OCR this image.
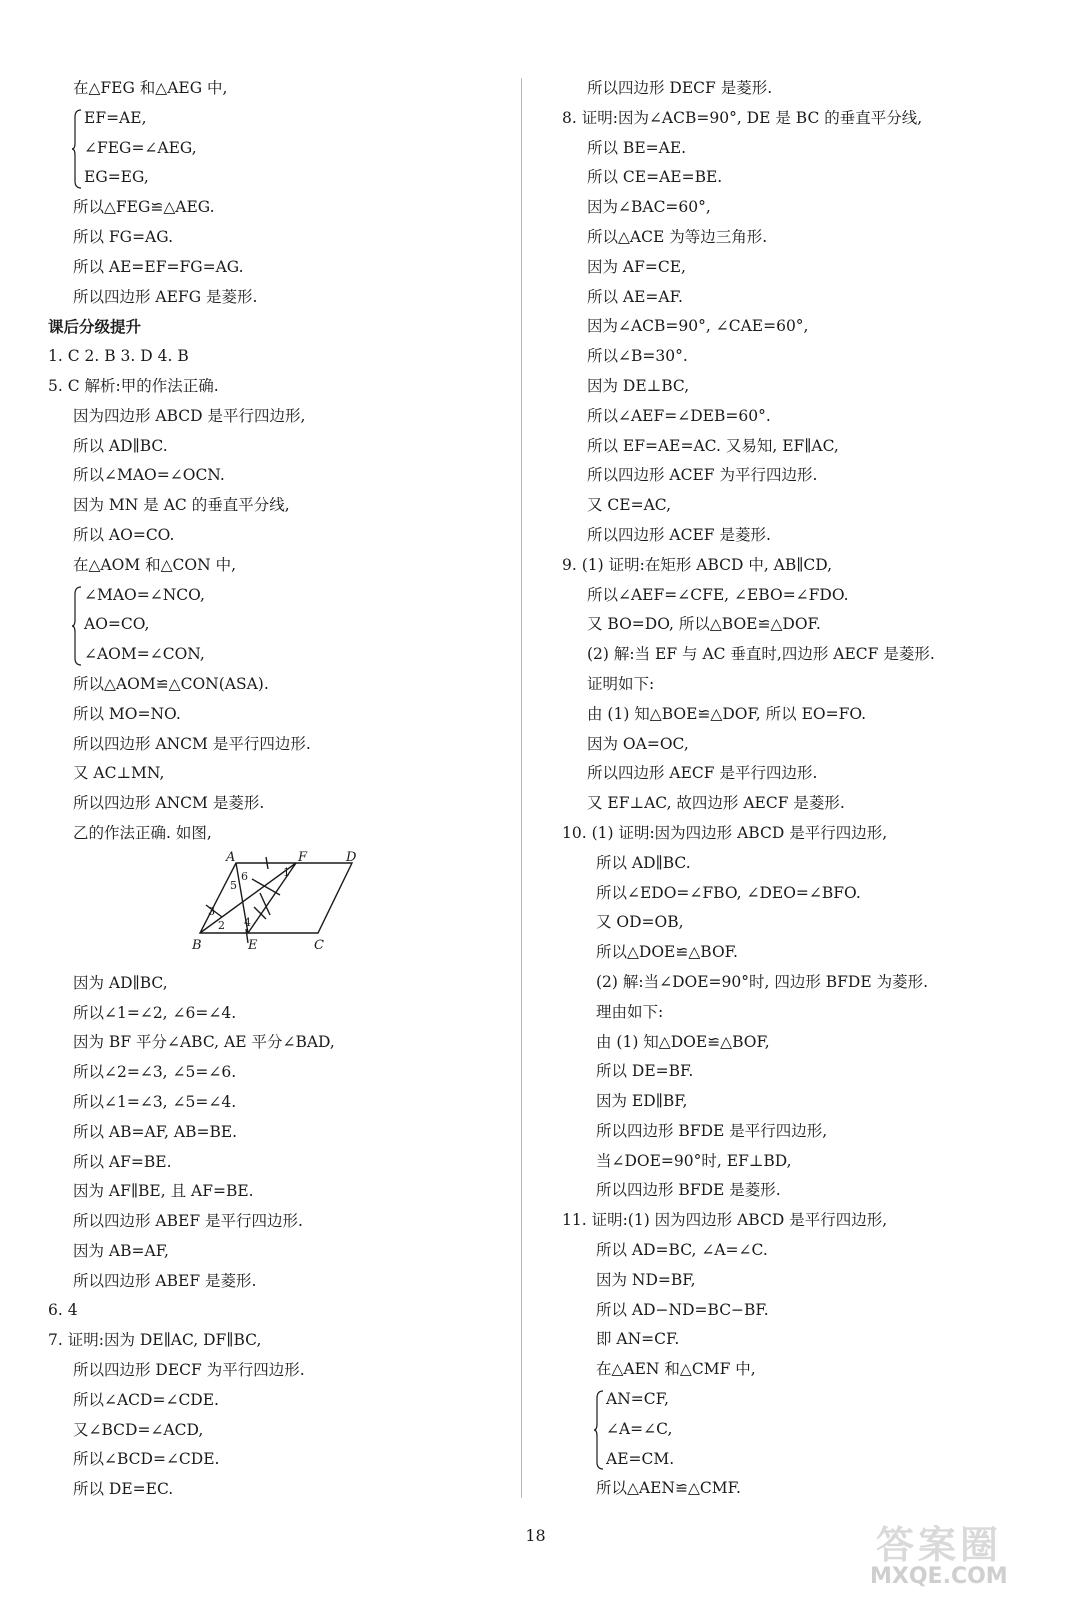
在△FEG 和△AEG 中,
EF=AE,
∠FEG=∠AEG,
EG=EG,
所以△FEG≌△AEG.
所以 FG=AG.
所以 AE=EF=FG=AG.
所以四边形 AEFG 是菱形.
课后分级提升
1. C 2. B 3. D 4. B
5. C 解析:甲的作法正确.
因为四边形 ABCD 是平行四边形,
所以 AD∥BC.
所以∠MAO=∠OCN.
因为 MN 是 AC 的垂直平分线,
所以 AO=CO.
在△AOM 和△CON 中,
∠MAO=∠NCO,
AO=CO,
∠AOM=∠CON,
所以△AOM≌△CON(ASA).
所以 MO=NO.
所以四边形 ANCM 是平行四边形.
又 AC⊥MN,
所以四边形 ANCM 是菱形.
乙的作法正确. 如图,
A	F	D
B	E	C
1
2
3
4
5
6
因为 AD∥BC,
所以∠1=∠2, ∠6=∠4.
因为 BF 平分∠ABC, AE 平分∠BAD,
所以∠2=∠3, ∠5=∠6.
所以∠1=∠3, ∠5=∠4.
所以 AB=AF, AB=BE.
所以 AF=BE.
因为 AF∥BE, 且 AF=BE.
所以四边形 ABEF 是平行四边形.
因为 AB=AF,
所以四边形 ABEF 是菱形.
6. 4
7. 证明:因为 DE∥AC, DF∥BC,
所以四边形 DECF 为平行四边形.
所以∠ACD=∠CDE.
又∠BCD=∠ACD,
所以∠BCD=∠CDE.
所以 DE=EC.
所以四边形 DECF 是菱形.
8. 证明:因为∠ACB=90°, DE 是 BC 的垂直平分线,
所以 BE=AE.
所以 CE=AE=BE.
因为∠BAC=60°,
所以△ACE 为等边三角形.
因为 AF=CE,
所以 AE=AF.
因为∠ACB=90°, ∠CAE=60°,
所以∠B=30°.
因为 DE⊥BC,
所以∠AEF=∠DEB=60°.
所以 EF=AE=AC. 又易知, EF∥AC,
所以四边形 ACEF 为平行四边形.
又 CE=AC,
所以四边形 ACEF 是菱形.
9. (1) 证明:在矩形 ABCD 中, AB∥CD,
所以∠AEF=∠CFE, ∠EBO=∠FDO.
又 BO=DO, 所以△BOE≌△DOF.
(2) 解:当 EF 与 AC 垂直时,四边形 AECF 是菱形.
证明如下:
由 (1) 知△BOE≌△DOF, 所以 EO=FO.
因为 OA=OC,
所以四边形 AECF 是平行四边形.
又 EF⊥AC, 故四边形 AECF 是菱形.
10. (1) 证明:因为四边形 ABCD 是平行四边形,
所以 AD∥BC.
所以∠EDO=∠FBO, ∠DEO=∠BFO.
又 OD=OB,
所以△DOE≌△BOF.
(2) 解:当∠DOE=90°时, 四边形 BFDE 为菱形.
理由如下:
由 (1) 知△DOE≌△BOF,
所以 DE=BF.
因为 ED∥BF,
所以四边形 BFDE 是平行四边形,
当∠DOE=90°时, EF⊥BD,
所以四边形 BFDE 是菱形.
11. 证明:(1) 因为四边形 ABCD 是平行四边形,
所以 AD=BC, ∠A=∠C.
因为 ND=BF,
所以 AD−ND=BC−BF.
即 AN=CF.
在△AEN 和△CMF 中,
AN=CF,
∠A=∠C,
AE=CM.
所以△AEN≌△CMF.
18	答案圈
MXQE.COM
